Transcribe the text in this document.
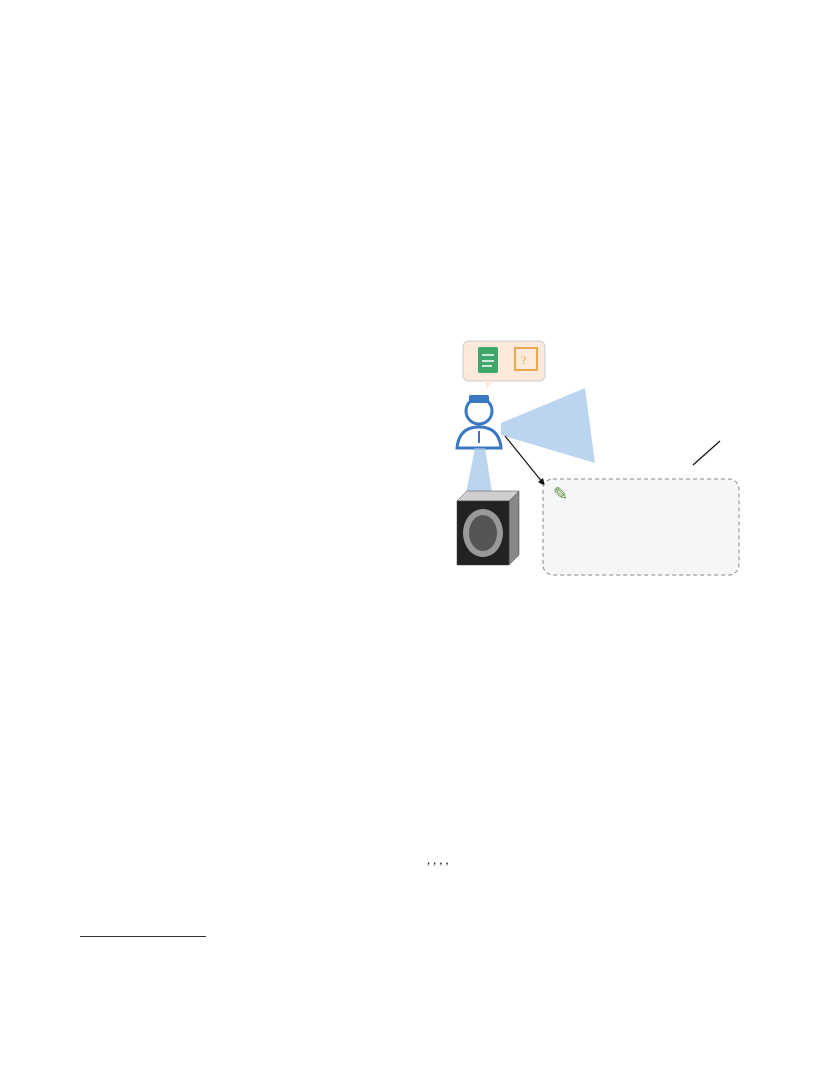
?
✎
, , , ,
